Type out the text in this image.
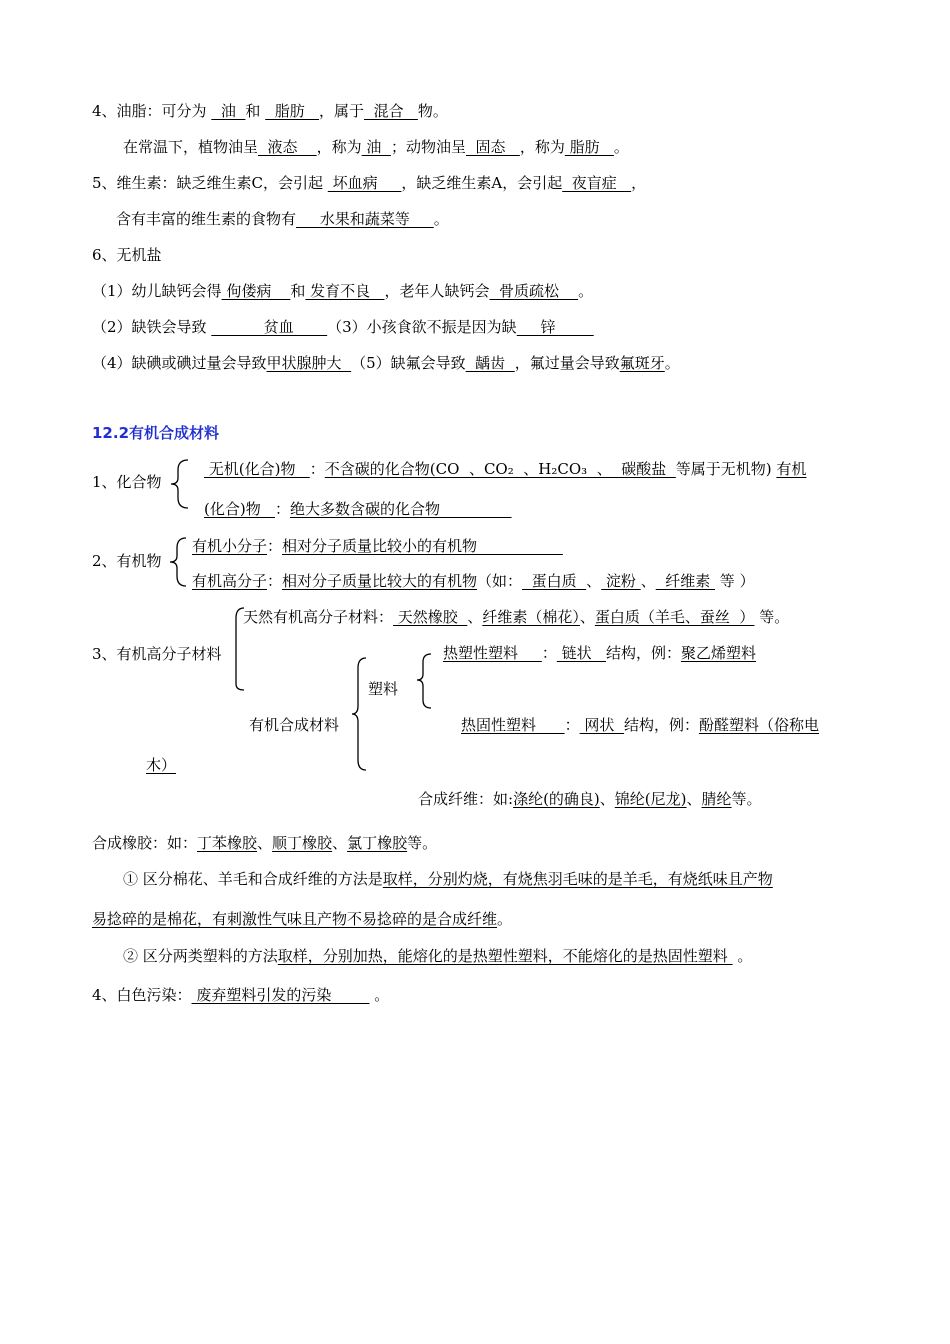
4、油脂：可分为   油  和   脂肪   ，属于  混合   物。
在常温下，植物油呈  液态    ，称为 油  ；动物油呈  固态   ，称为 脂肪   。
5、维生素：缺乏维生素C，会引起  坏血病     ，缺乏维生素A，会引起  夜盲症   ，
含有丰富的维生素的食物有     水果和蔬菜等     。
6、无机盐
（1）幼儿缺钙会得 佝偻病    和 发育不良   ，老年人缺钙会  骨质疏松    。
（2）缺铁会导致            贫血       （3）小孩食欲不振是因为缺     锌
（4）缺碘或碘过量会导致甲状腺肿大  （5）缺氟会导致  龋齿  ，氟过量会导致氟斑牙。
12.2有机合成材料
1、化合物
无机(化合)物   ：不含碳的化合物(CO  、CO₂  、H₂CO₃  、  碳酸盐  等属于无机物) 有机
(化合)物   ：绝大多数含碳的化合物
2、有机物
有机小分子：相对分子质量比较小的有机物
有机高分子：相对分子质量比较大的有机物（如：  蛋白质  、 淀粉 、  纤维素  等 ）
3、有机高分子材料
天然有机高分子材料： 天然橡胶  、纤维素（棉花）、蛋白质（羊毛、蚕丝  ） 等。
有机合成材料
塑料
热塑性塑料     ： 链状   结构，例：聚乙烯塑料
热固性塑料      ： 网状  结构，例：酚醛塑料（俗称电
木）
合成纤维：如:涤纶(的确良)、锦纶(尼龙)、腈纶等。
合成橡胶：如：丁苯橡胶、顺丁橡胶、氯丁橡胶等。
① 区分棉花、羊毛和合成纤维的方法是取样，分别灼烧，有烧焦羽毛味的是羊毛，有烧纸味且产物
易捻碎的是棉花，有刺激性气味且产物不易捻碎的是合成纤维。
② 区分两类塑料的方法取样，分别加热，能熔化的是热塑性塑料，不能熔化的是热固性塑料  。
4、白色污染： 废弃塑料引发的污染         。
